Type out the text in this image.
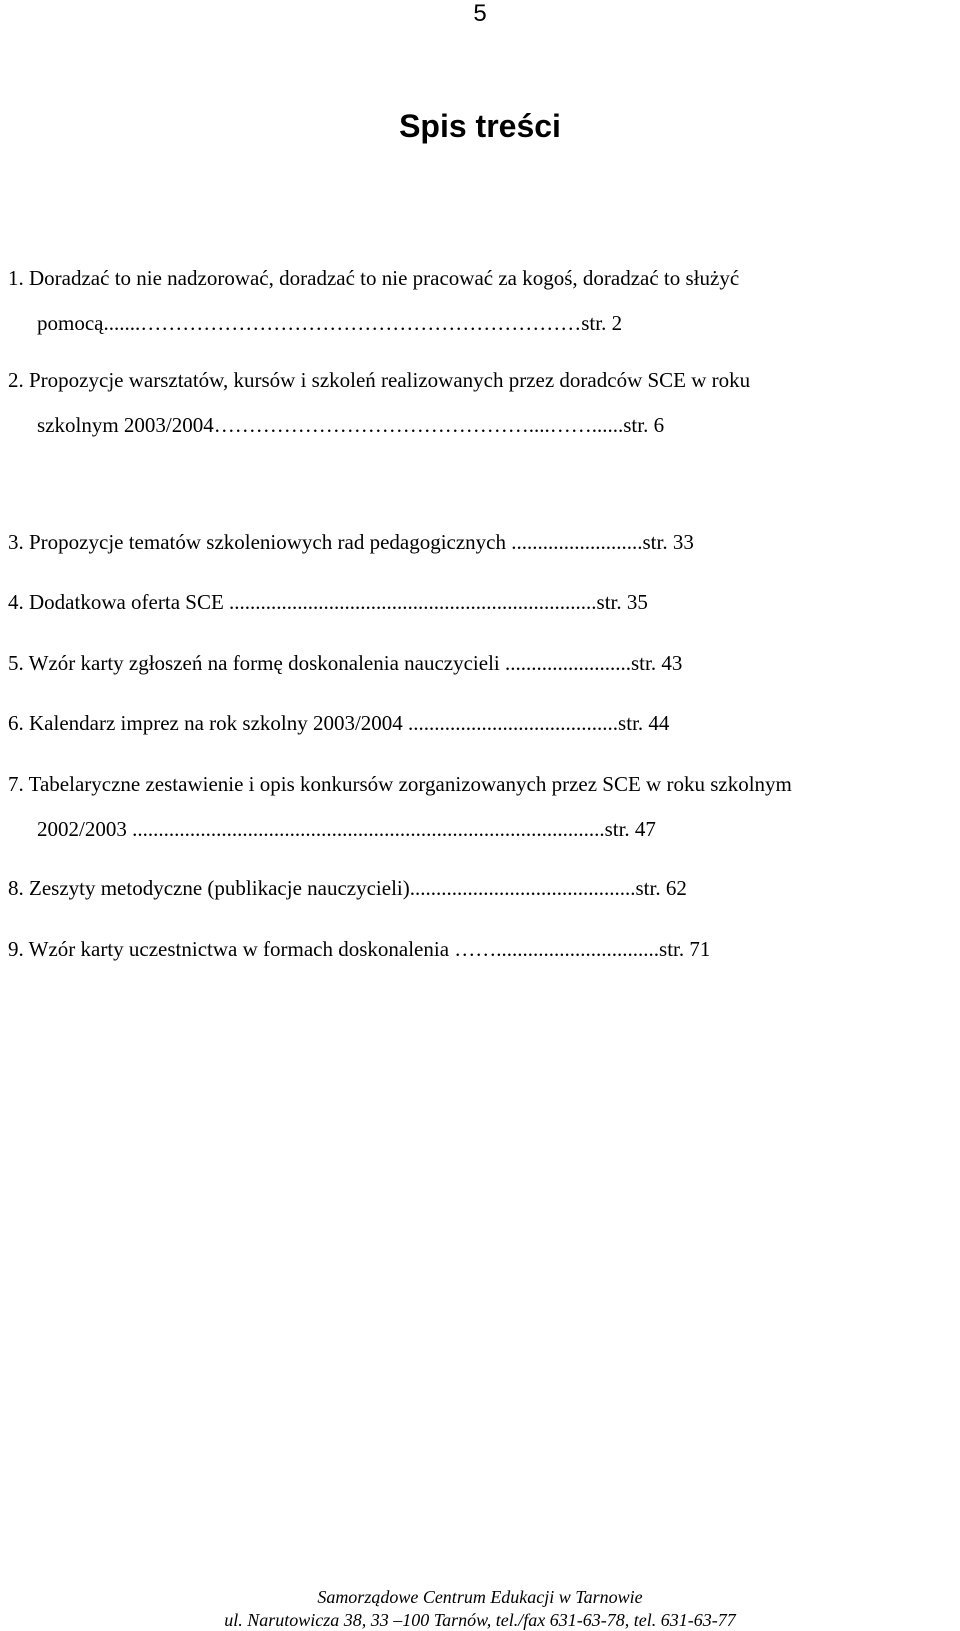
5
Spis treści
1. Doradzać to nie nadzorować, doradzać to nie pracować za kogoś, doradzać to służyć
pomocą.......………………………………………………………str. 2
2. Propozycje warsztatów, kursów i szkoleń realizowanych przez doradców SCE w roku
szkolnym 2003/2004………………………………………....……......str. 6
3. Propozycje tematów szkoleniowych rad pedagogicznych .........................str. 33
4. Dodatkowa oferta SCE ......................................................................str. 35
5. Wzór karty zgłoszeń na formę doskonalenia nauczycieli ........................str. 43
6. Kalendarz imprez na rok szkolny 2003/2004 ........................................str. 44
7. Tabelaryczne zestawienie i opis konkursów zorganizowanych przez SCE w roku szkolnym
2002/2003 ..........................................................................................str. 47
8. Zeszyty metodyczne (publikacje nauczycieli)...........................................str. 62
9. Wzór karty uczestnictwa w formach doskonalenia ……...............................str. 71
Samorządowe Centrum Edukacji w Tarnowie
ul. Narutowicza 38, 33 –100 Tarnów, tel./fax 631-63-78, tel. 631-63-77
